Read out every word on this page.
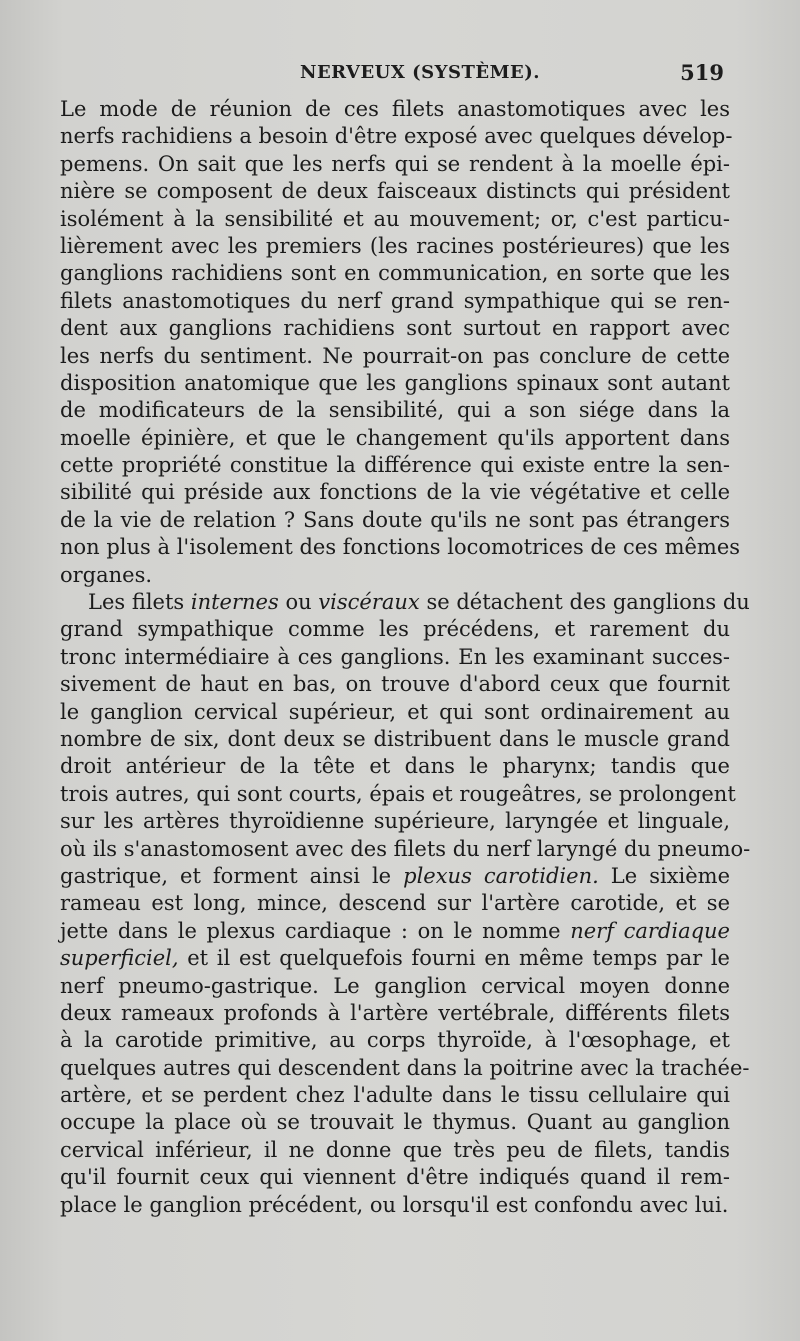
NERVEUX (SYSTÈME).	519
Le mode de réunion de ces filets anastomotiques avec les
nerfs rachidiens a besoin d'être exposé avec quelques dévelop-
pemens. On sait que les nerfs qui se rendent à la moelle épi-
nière se composent de deux faisceaux distincts qui président
isolément à la sensibilité et au mouvement; or, c'est particu-
lièrement avec les premiers (les racines postérieures) que les
ganglions rachidiens sont en communication, en sorte que les
filets anastomotiques du nerf grand sympathique qui se ren-
dent aux ganglions rachidiens sont surtout en rapport avec
les nerfs du sentiment. Ne pourrait-on pas conclure de cette
disposition anatomique que les ganglions spinaux sont autant
de modificateurs de la sensibilité, qui a son siége dans la
moelle épinière, et que le changement qu'ils apportent dans
cette propriété constitue la différence qui existe entre la sen-
sibilité qui préside aux fonctions de la vie végétative et celle
de la vie de relation ? Sans doute qu'ils ne sont pas étrangers
non plus à l'isolement des fonctions locomotrices de ces mêmes
organes.
Les filets internes ou viscéraux se détachent des ganglions du
grand sympathique comme les précédens, et rarement du
tronc intermédiaire à ces ganglions. En les examinant succes-
sivement de haut en bas, on trouve d'abord ceux que fournit
le ganglion cervical supérieur, et qui sont ordinairement au
nombre de six, dont deux se distribuent dans le muscle grand
droit antérieur de la tête et dans le pharynx; tandis que
trois autres, qui sont courts, épais et rougeâtres, se prolongent
sur les artères thyroïdienne supérieure, laryngée et linguale,
où ils s'anastomosent avec des filets du nerf laryngé du pneumo-
gastrique, et forment ainsi le plexus carotidien. Le sixième
rameau est long, mince, descend sur l'artère carotide, et se
jette dans le plexus cardiaque : on le nomme nerf cardiaque
superficiel, et il est quelquefois fourni en même temps par le
nerf pneumo-gastrique. Le ganglion cervical moyen donne
deux rameaux profonds à l'artère vertébrale, différents filets
à la carotide primitive, au corps thyroïde, à l'œsophage, et
quelques autres qui descendent dans la poitrine avec la trachée-
artère, et se perdent chez l'adulte dans le tissu cellulaire qui
occupe la place où se trouvait le thymus. Quant au ganglion
cervical inférieur, il ne donne que très peu de filets, tandis
qu'il fournit ceux qui viennent d'être indiqués quand il rem-
place le ganglion précédent, ou lorsqu'il est confondu avec lui.
